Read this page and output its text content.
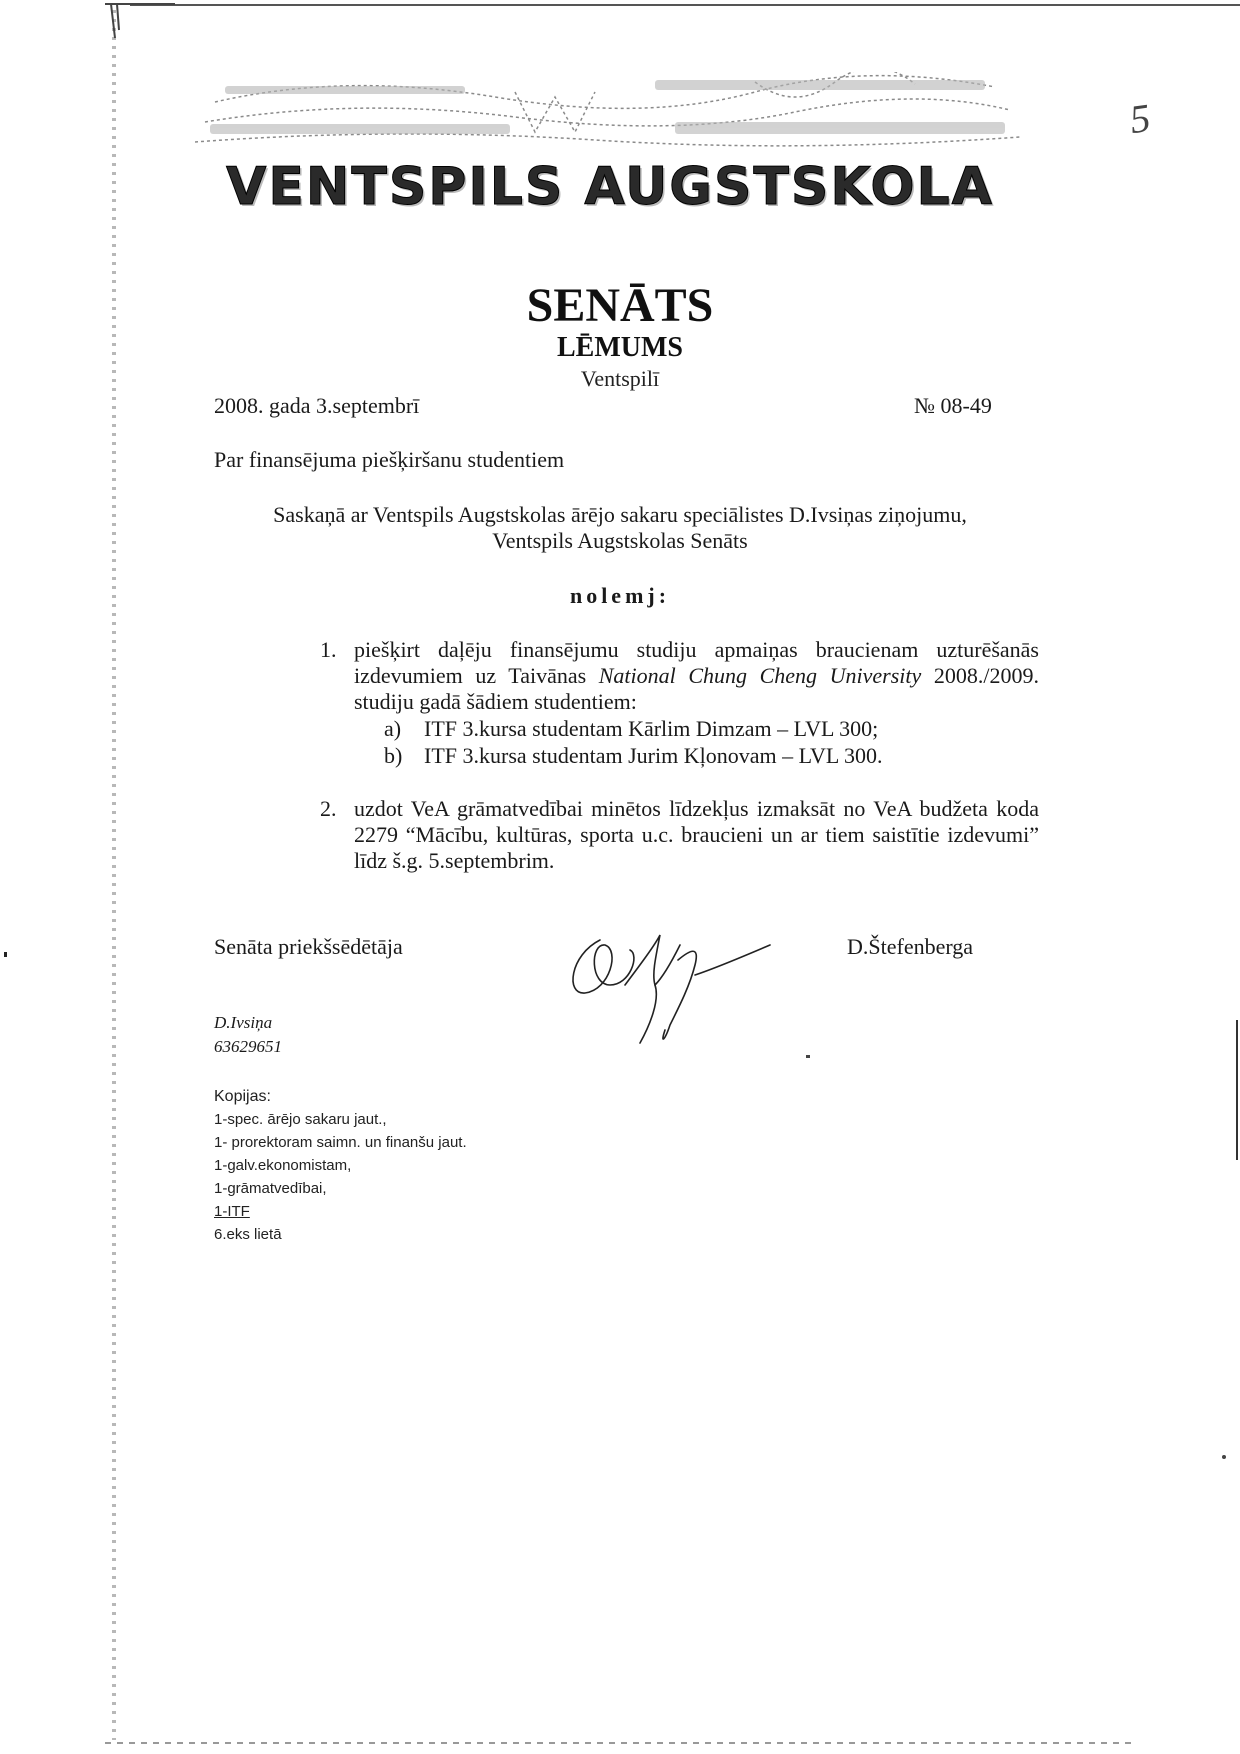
5
VENTSPILS AUGSTSKOLA
SENĀTS
LĒMUMS
Ventspilī
2008. gada 3.septembrī	№ 08-49
Par finansējuma piešķiršanu studentiem
Saskaņā ar Ventspils Augstskolas ārējo sakaru speciālistes D.Ivsiņas ziņojumu,
Ventspils Augstskolas Senāts
nolemj:
1. piešķirt daļēju finansējumu studiju apmaiņas braucienam uzturēšanās izdevumiem uz Taivānas National Chung Cheng University 2008./2009. studiju gadā šādiem studentiem:
a) ITF 3.kursa studentam Kārlim Dimzam – LVL 300;
b) ITF 3.kursa studentam Jurim Kļonovam – LVL 300.
2. uzdot VeA grāmatvedībai minētos līdzekļus izmaksāt no VeA budžeta koda 2279 “Mācību, kultūras, sporta u.c. braucieni un ar tiem saistītie izdevumi” līdz š.g. 5.septembrim.
Senāta priekšsēdētāja	D.Štefenberga
D.Ivsiņa
63629651
Kopijas:
1-spec. ārējo sakaru jaut.,
1- prorektoram saimn. un finanšu jaut.
1-galv.ekonomistam,
1-grāmatvedībai,
1-ITF
6.eks lietā
